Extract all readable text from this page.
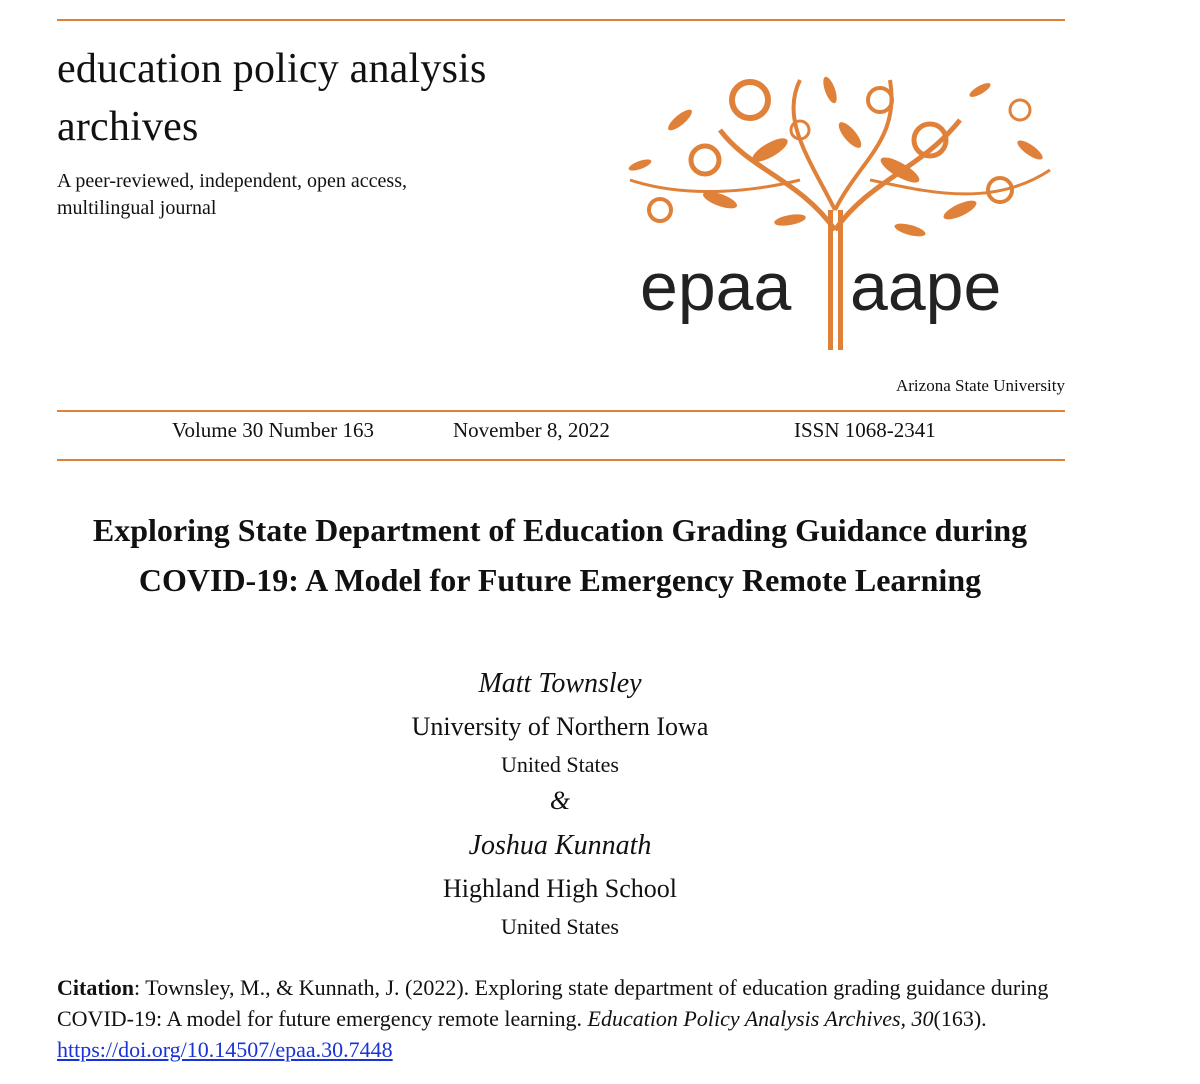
education policy analysis archives
A peer-reviewed, independent, open access, multilingual journal
epaa aape
Arizona State University
Volume 30 Number 163	November 8, 2022	ISSN 1068-2341
Exploring State Department of Education Grading Guidance during COVID-19: A Model for Future Emergency Remote Learning
Matt Townsley
University of Northern Iowa
United States
&
Joshua Kunnath
Highland High School
United States

Citation: Townsley, M., & Kunnath, J. (2022). Exploring state department of education grading guidance during COVID-19: A model for future emergency remote learning. Education Policy Analysis Archives, 30(163). https://doi.org/10.14507/epaa.30.7448
